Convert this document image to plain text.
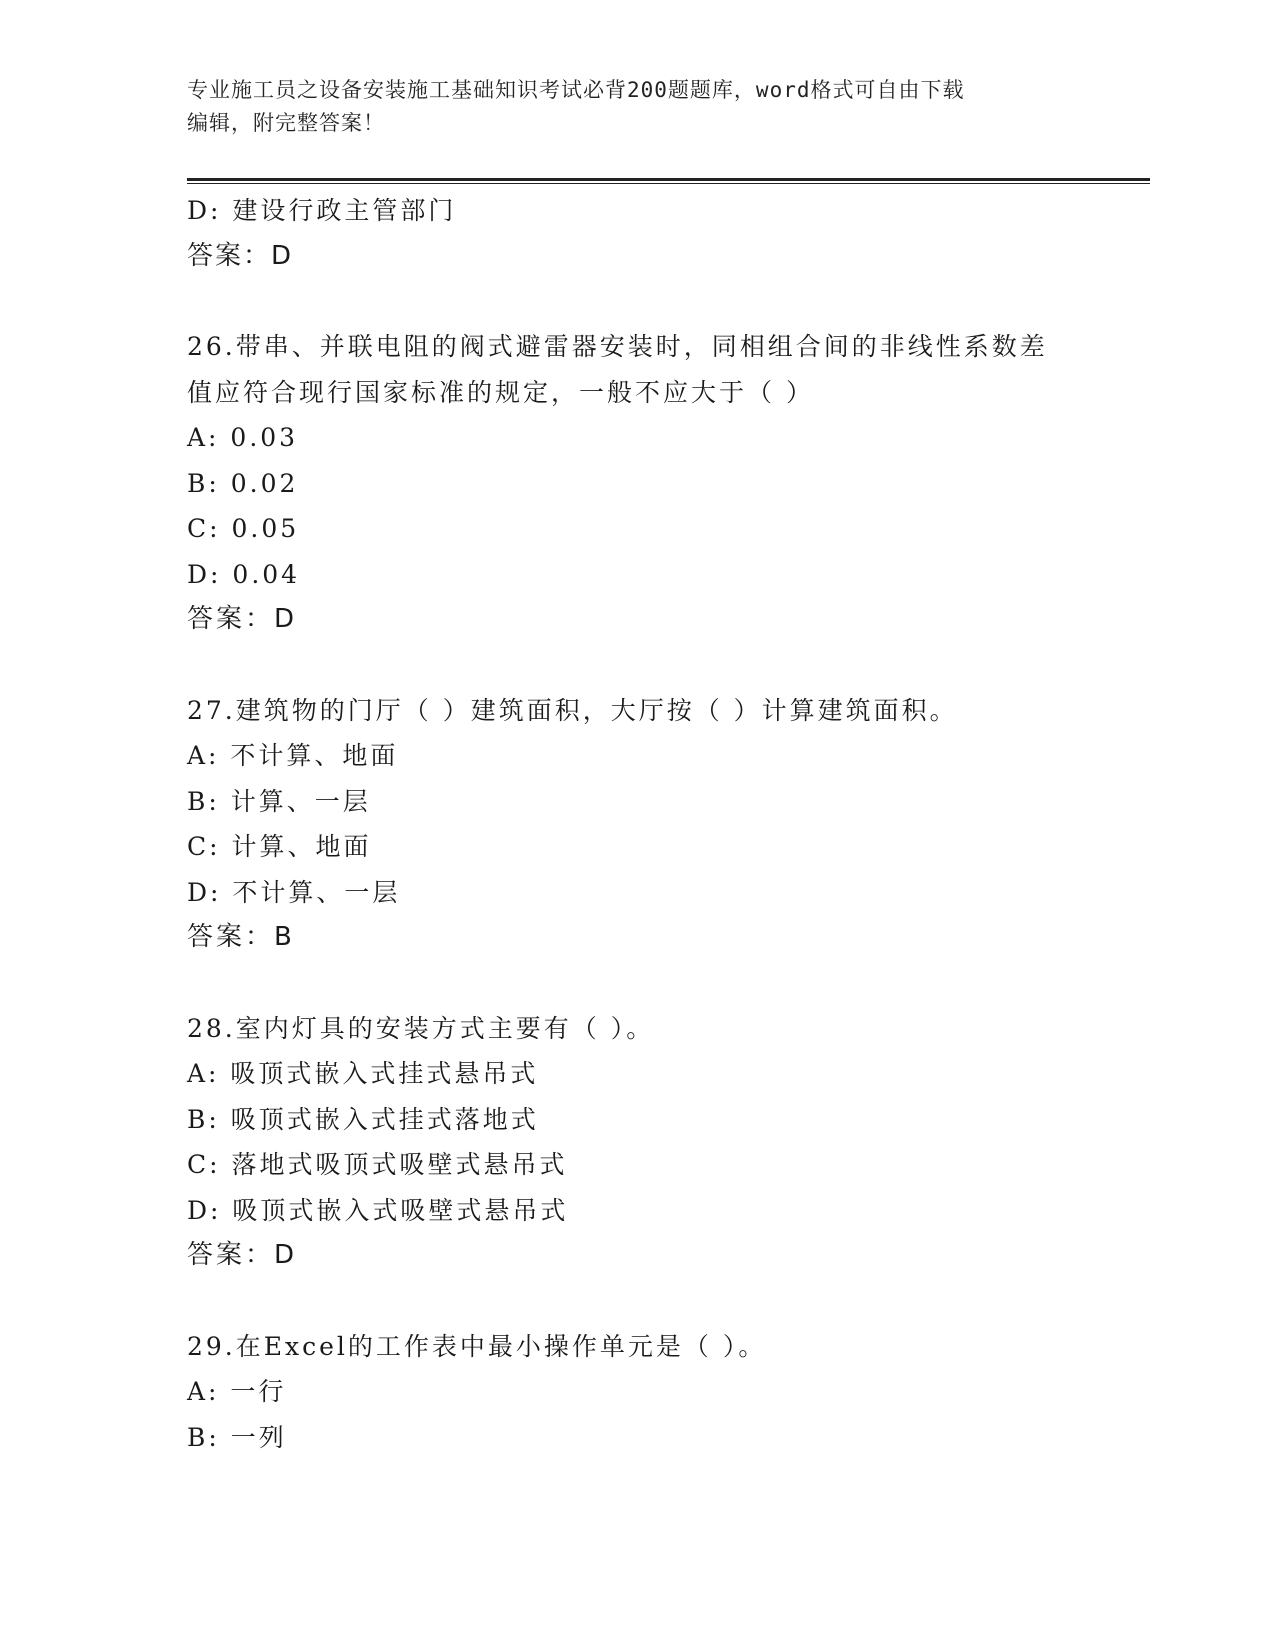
专业施工员之设备安装施工基础知识考试必背200题题库，word格式可自由下载
编辑，附完整答案！
D: 建设行政主管部门
答案：D
26.带串、并联电阻的阀式避雷器安装时，同相组合间的非线性系数差
值应符合现行国家标准的规定，一般不应大于（ ）
A: 0.03
B: 0.02
C: 0.05
D: 0.04
答案：D
27.建筑物的门厅（ ）建筑面积，大厅按（ ）计算建筑面积。
A: 不计算、地面
B: 计算、一层
C: 计算、地面
D: 不计算、一层
答案：B
28.室内灯具的安装方式主要有（ ）。
A: 吸顶式嵌入式挂式悬吊式
B: 吸顶式嵌入式挂式落地式
C: 落地式吸顶式吸壁式悬吊式
D: 吸顶式嵌入式吸壁式悬吊式
答案：D
29.在Excel的工作表中最小操作单元是（ ）。
A: 一行
B: 一列
